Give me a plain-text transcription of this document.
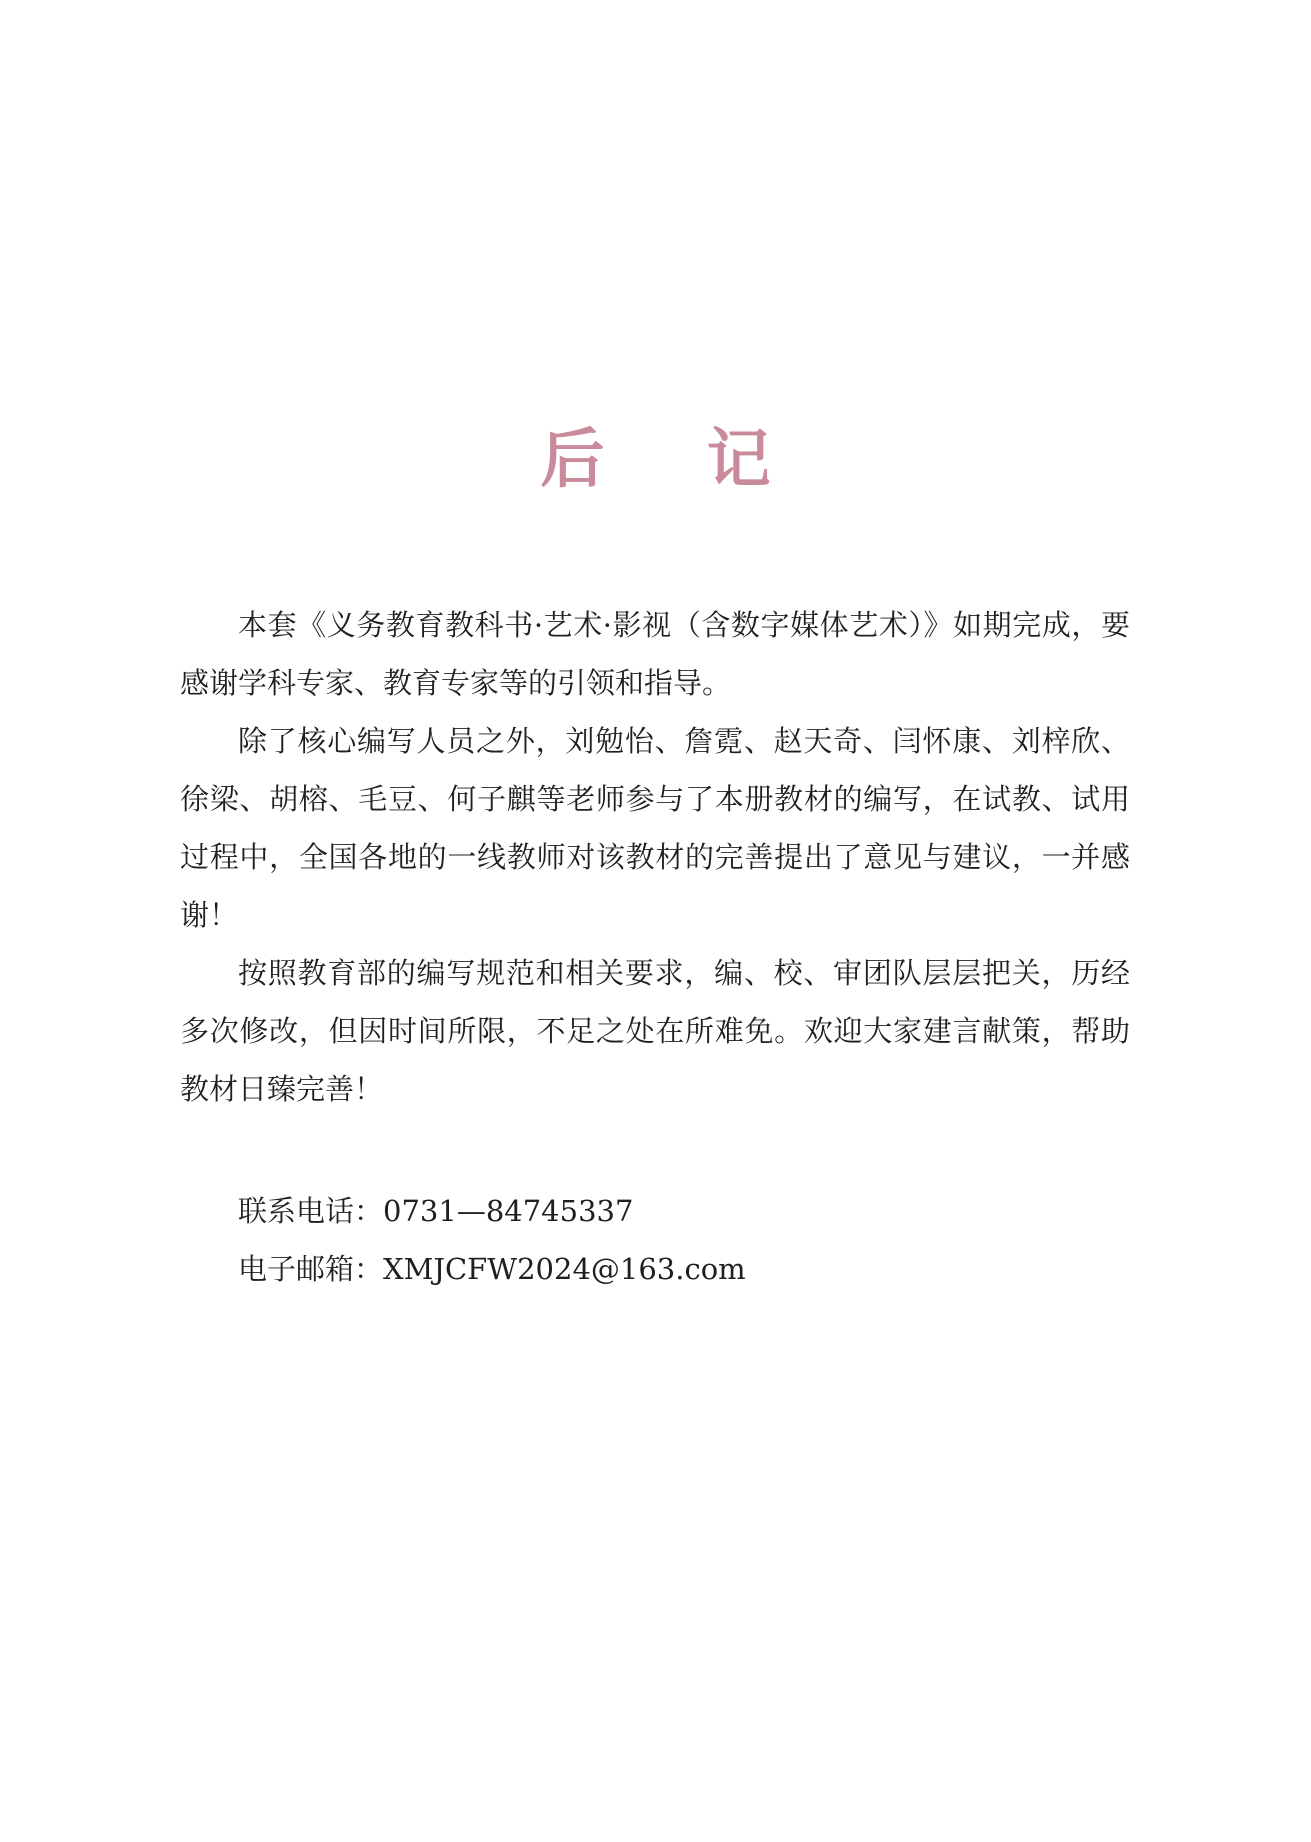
后 记

本套《义务教育教科书·艺术·影视（含数字媒体艺术）》如期完成，要感谢学科专家、教育专家等的引领和指导。

除了核心编写人员之外，刘勉怡、詹霓、赵天奇、闫怀康、刘梓欣、徐梁、胡榕、毛豆、何子麒等老师参与了本册教材的编写，在试教、试用过程中，全国各地的一线教师对该教材的完善提出了意见与建议，一并感谢！

按照教育部的编写规范和相关要求，编、校、审团队层层把关，历经多次修改，但因时间所限，不足之处在所难免。欢迎大家建言献策，帮助教材日臻完善！

联系电话：0731—84745337
电子邮箱：XMJCFW2024@163.com
